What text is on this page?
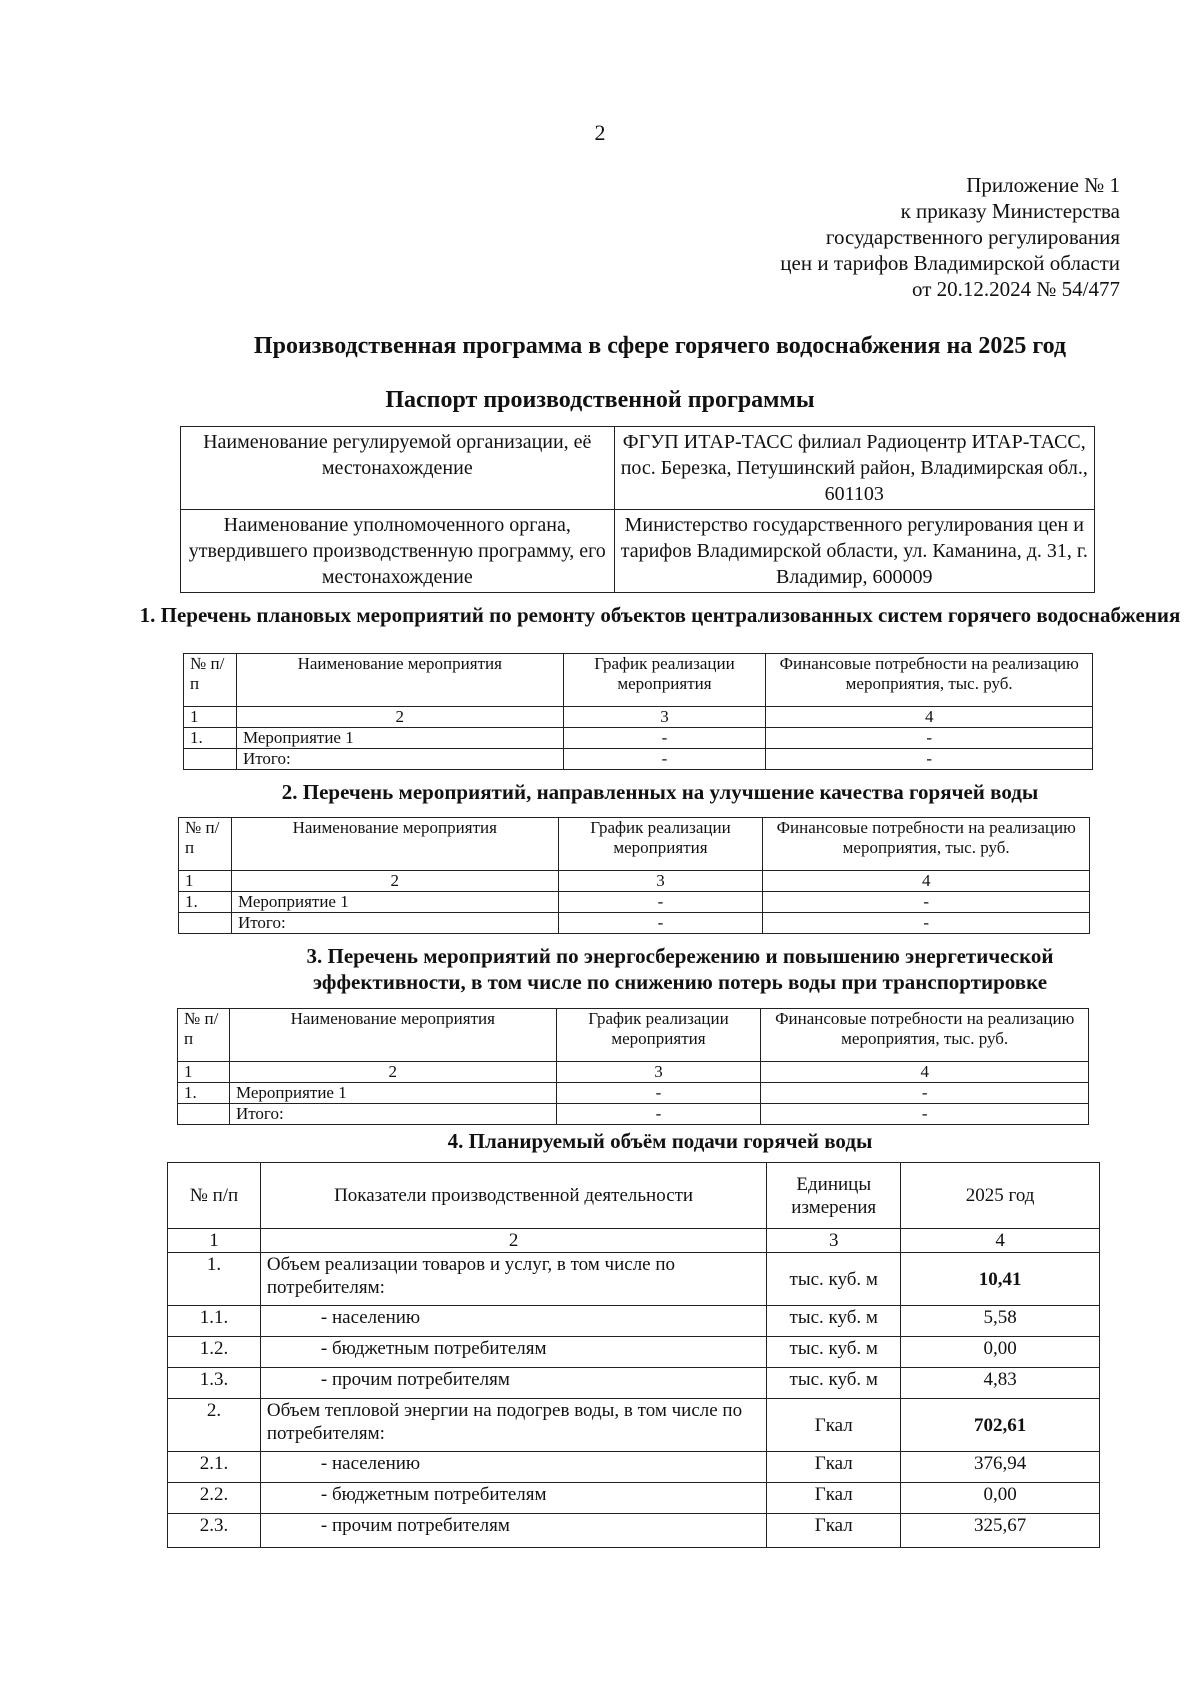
2
Приложение № 1
к приказу Министерства
государственного регулирования
цен и тарифов Владимирской области
от 20.12.2024 № 54/477
Производственная программа в сфере горячего водоснабжения на 2025 год
Паспорт производственной программы
Наименование регулируемой организации, её местонахождение	ФГУП ИТАР-ТАСС филиал Радиоцентр ИТАР-ТАСС, пос. Березка, Петушинский район, Владимирская обл., 601103
Наименование уполномоченного органа, утвердившего производственную программу, его местонахождение	Министерство государственного регулирования цен и тарифов Владимирской области, ул. Каманина, д. 31, г. Владимир, 600009
1. Перечень плановых мероприятий по ремонту объектов централизованных систем горячего водоснабжения
№ п/п	Наименование мероприятия	График реализации мероприятия	Финансовые потребности на реализацию мероприятия, тыс. руб.
1	2	3	4
1.	Мероприятие 1	-	-
	Итого:	-	-
2. Перечень мероприятий, направленных на улучшение качества горячей воды
№ п/п	Наименование мероприятия	График реализации мероприятия	Финансовые потребности на реализацию мероприятия, тыс. руб.
1	2	3	4
1.	Мероприятие 1	-	-
	Итого:	-	-
3. Перечень мероприятий по энергосбережению и повышению энергетической эффективности, в том числе по снижению потерь воды при транспортировке
№ п/п	Наименование мероприятия	График реализации мероприятия	Финансовые потребности на реализацию мероприятия, тыс. руб.
1	2	3	4
1.	Мероприятие 1	-	-
	Итого:	-	-
4. Планируемый объём подачи горячей воды
№ п/п	Показатели производственной деятельности	Единицы измерения	2025 год
1	2	3	4
1.	Объем реализации товаров и услуг, в том числе по потребителям:	тыс. куб. м	10,41
1.1.	- населению	тыс. куб. м	5,58
1.2.	- бюджетным потребителям	тыс. куб. м	0,00
1.3.	- прочим потребителям	тыс. куб. м	4,83
2.	Объем тепловой энергии на подогрев воды, в том числе по потребителям:	Гкал	702,61
2.1.	- населению	Гкал	376,94
2.2.	- бюджетным потребителям	Гкал	0,00
2.3.	- прочим потребителям	Гкал	325,67
